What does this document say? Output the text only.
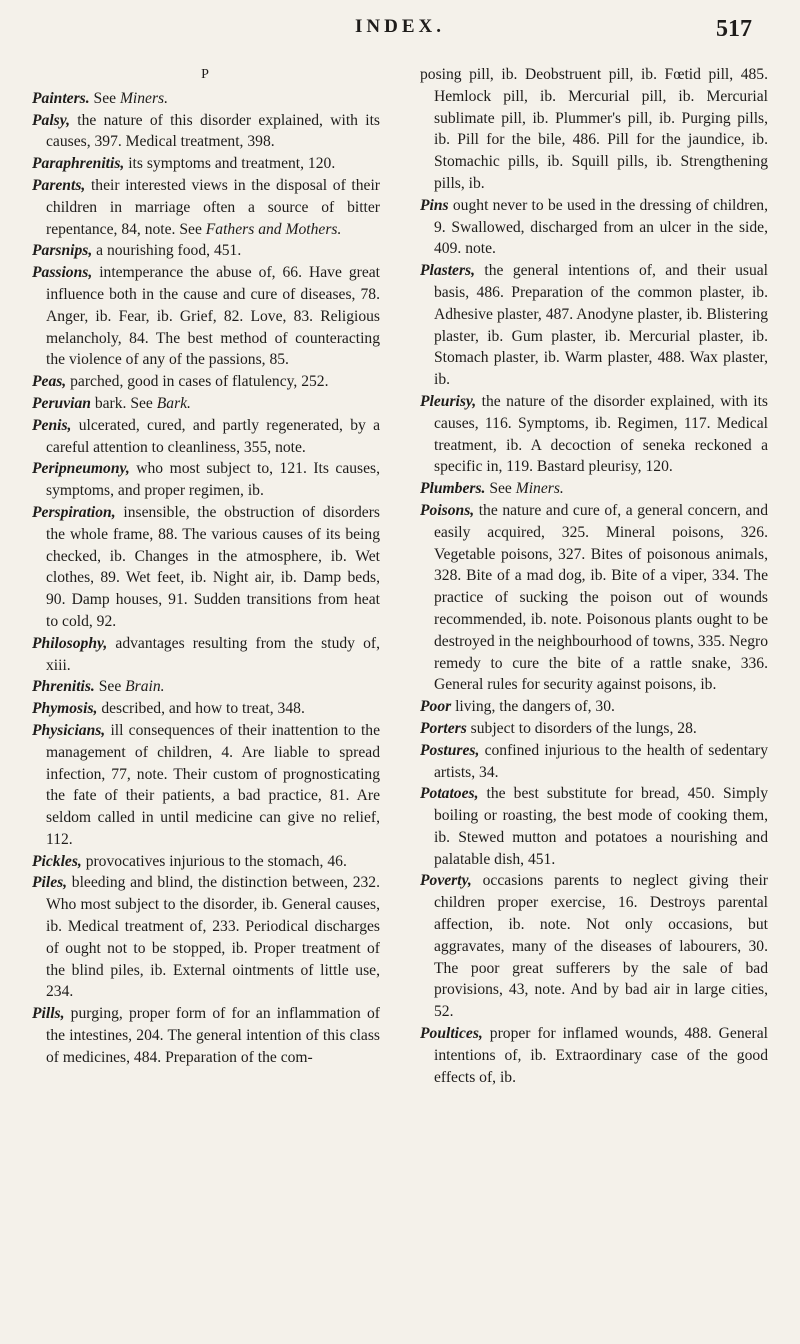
INDEX.	517
P

Painters. See Miners.

Palsy, the nature of this disorder explained, with its causes, 397. Medical treatment, 398.

Paraphrenitis, its symptoms and treatment, 120.

Parents, their interested views in the disposal of their children in marriage often a source of bitter repentance, 84, note. See Fathers and Mothers.

Parsnips, a nourishing food, 451.

Passions, intemperance the abuse of, 66. Have great influence both in the cause and cure of diseases, 78. Anger, ib. Fear, ib. Grief, 82. Love, 83. Religious melancholy, 84. The best method of counteracting the violence of any of the passions, 85.

Peas, parched, good in cases of flatulency, 252.

Peruvian bark. See Bark.

Penis, ulcerated, cured, and partly regenerated, by a careful attention to cleanliness, 355, note.

Peripneumony, who most subject to, 121. Its causes, symptoms, and proper regimen, ib.

Perspiration, insensible, the obstruction of disorders the whole frame, 88. The various causes of its being checked, ib. Changes in the atmosphere, ib. Wet clothes, 89. Wet feet, ib. Night air, ib. Damp beds, 90. Damp houses, 91. Sudden transitions from heat to cold, 92.

Philosophy, advantages resulting from the study of, xiii.

Phrenitis. See Brain.

Phymosis, described, and how to treat, 348.

Physicians, ill consequences of their inattention to the management of children, 4. Are liable to spread infection, 77, note. Their custom of prognosticating the fate of their patients, a bad practice, 81. Are seldom called in until medicine can give no relief, 112.

Pickles, provocatives injurious to the stomach, 46.

Piles, bleeding and blind, the distinction between, 232. Who most subject to the disorder, ib. General causes, ib. Medical treatment of, 233. Periodical discharges of ought not to be stopped, ib. Proper treatment of the blind piles, ib. External ointments of little use, 234.

Pills, purging, proper form of for an inflammation of the intestines, 204. The general intention of this class of medicines, 484. Preparation of the com-

posing pill, ib. Deobstruent pill, ib. Fœtid pill, 485. Hemlock pill, ib. Mercurial pill, ib. Mercurial sublimate pill, ib. Plummer's pill, ib. Purging pills, ib. Pill for the bile, 486. Pill for the jaundice, ib. Stomachic pills, ib. Squill pills, ib. Strengthening pills, ib.

Pins ought never to be used in the dressing of children, 9. Swallowed, discharged from an ulcer in the side, 409. note.

Plasters, the general intentions of, and their usual basis, 486. Preparation of the common plaster, ib. Adhesive plaster, 487. Anodyne plaster, ib. Blistering plaster, ib. Gum plaster, ib. Mercurial plaster, ib. Stomach plaster, ib. Warm plaster, 488. Wax plaster, ib.

Pleurisy, the nature of the disorder explained, with its causes, 116. Symptoms, ib. Regimen, 117. Medical treatment, ib. A decoction of seneka reckoned a specific in, 119. Bastard pleurisy, 120.

Plumbers. See Miners.

Poisons, the nature and cure of, a general concern, and easily acquired, 325. Mineral poisons, 326. Vegetable poisons, 327. Bites of poisonous animals, 328. Bite of a mad dog, ib. Bite of a viper, 334. The practice of sucking the poison out of wounds recommended, ib. note. Poisonous plants ought to be destroyed in the neighbourhood of towns, 335. Negro remedy to cure the bite of a rattle snake, 336. General rules for security against poisons, ib.

Poor living, the dangers of, 30.

Porters subject to disorders of the lungs, 28.

Postures, confined injurious to the health of sedentary artists, 34.

Potatoes, the best substitute for bread, 450. Simply boiling or roasting, the best mode of cooking them, ib. Stewed mutton and potatoes a nourishing and palatable dish, 451.

Poverty, occasions parents to neglect giving their children proper exercise, 16. Destroys parental affection, ib. note. Not only occasions, but aggravates, many of the diseases of labourers, 30. The poor great sufferers by the sale of bad provisions, 43, note. And by bad air in large cities, 52.

Poultices, proper for inflamed wounds, 488. General intentions of, ib. Extraordinary case of the good effects of, ib.
